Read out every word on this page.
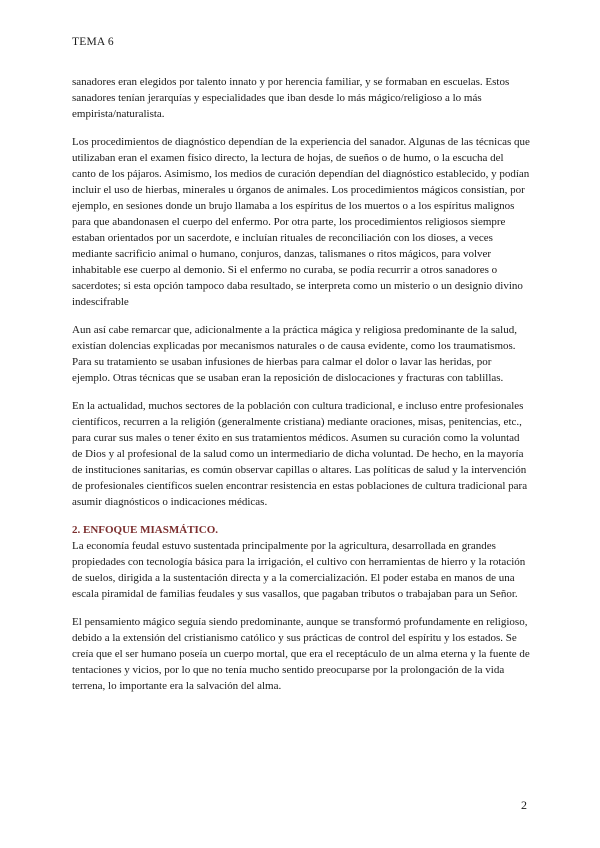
TEMA 6

sanadores eran elegidos por talento innato y por herencia familiar, y se formaban en escuelas. Estos sanadores tenían jerarquías y especialidades que iban desde lo más mágico/religioso a lo más empirista/naturalista.

Los procedimientos de diagnóstico dependían de la experiencia del sanador. Algunas de las técnicas que utilizaban eran el examen físico directo, la lectura de hojas, de sueños o de humo, o la escucha del canto de los pájaros. Asimismo, los medios de curación dependían del diagnóstico establecido, y podían incluir el uso de hierbas, minerales u órganos de animales. Los procedimientos mágicos consistían, por ejemplo, en sesiones donde un brujo llamaba a los espíritus de los muertos o a los espíritus malignos para que abandonasen el cuerpo del enfermo. Por otra parte, los procedimientos religiosos siempre estaban orientados por un sacerdote, e incluían rituales de reconciliación con los dioses, a veces mediante sacrificio animal o humano, conjuros, danzas, talismanes o ritos mágicos, para volver inhabitable ese cuerpo al demonio. Si el enfermo no curaba, se podía recurrir a otros sanadores o sacerdotes; si esta opción tampoco daba resultado, se interpreta como un misterio o un designio divino indescifrable

Aun así cabe remarcar que, adicionalmente a la práctica mágica y religiosa predominante de la salud, existían dolencias explicadas por mecanismos naturales o de causa evidente, como los traumatismos. Para su tratamiento se usaban infusiones de hierbas para calmar el dolor o lavar las heridas, por ejemplo. Otras técnicas que se usaban eran la reposición de dislocaciones y fracturas con tablillas.

En la actualidad, muchos sectores de la población con cultura tradicional, e incluso entre profesionales científicos, recurren a la religión (generalmente cristiana) mediante oraciones, misas, penitencias, etc., para curar sus males o tener éxito en sus tratamientos médicos. Asumen su curación como la voluntad de Dios y al profesional de la salud como un intermediario de dicha voluntad. De hecho, en la mayoría de instituciones sanitarias, es común observar capillas o altares. Las políticas de salud y la intervención de profesionales científicos suelen encontrar resistencia en estas poblaciones de cultura tradicional para asumir diagnósticos o indicaciones médicas.

2. ENFOQUE MIASMÁTICO.

La economía feudal estuvo sustentada principalmente por la agricultura, desarrollada en grandes propiedades con tecnología básica para la irrigación, el cultivo con herramientas de hierro y la rotación de suelos, dirigida a la sustentación directa y a la comercialización. El poder estaba en manos de una escala piramidal de familias feudales y sus vasallos, que pagaban tributos o trabajaban para un Señor.

El pensamiento mágico seguía siendo predominante, aunque se transformó profundamente en religioso, debido a la extensión del cristianismo católico y sus prácticas de control del espíritu y los estados. Se creía que el ser humano poseía un cuerpo mortal, que era el receptáculo de un alma eterna y la fuente de tentaciones y vicios, por lo que no tenía mucho sentido preocuparse por la prolongación de la vida terrena, lo importante era la salvación del alma.

2
